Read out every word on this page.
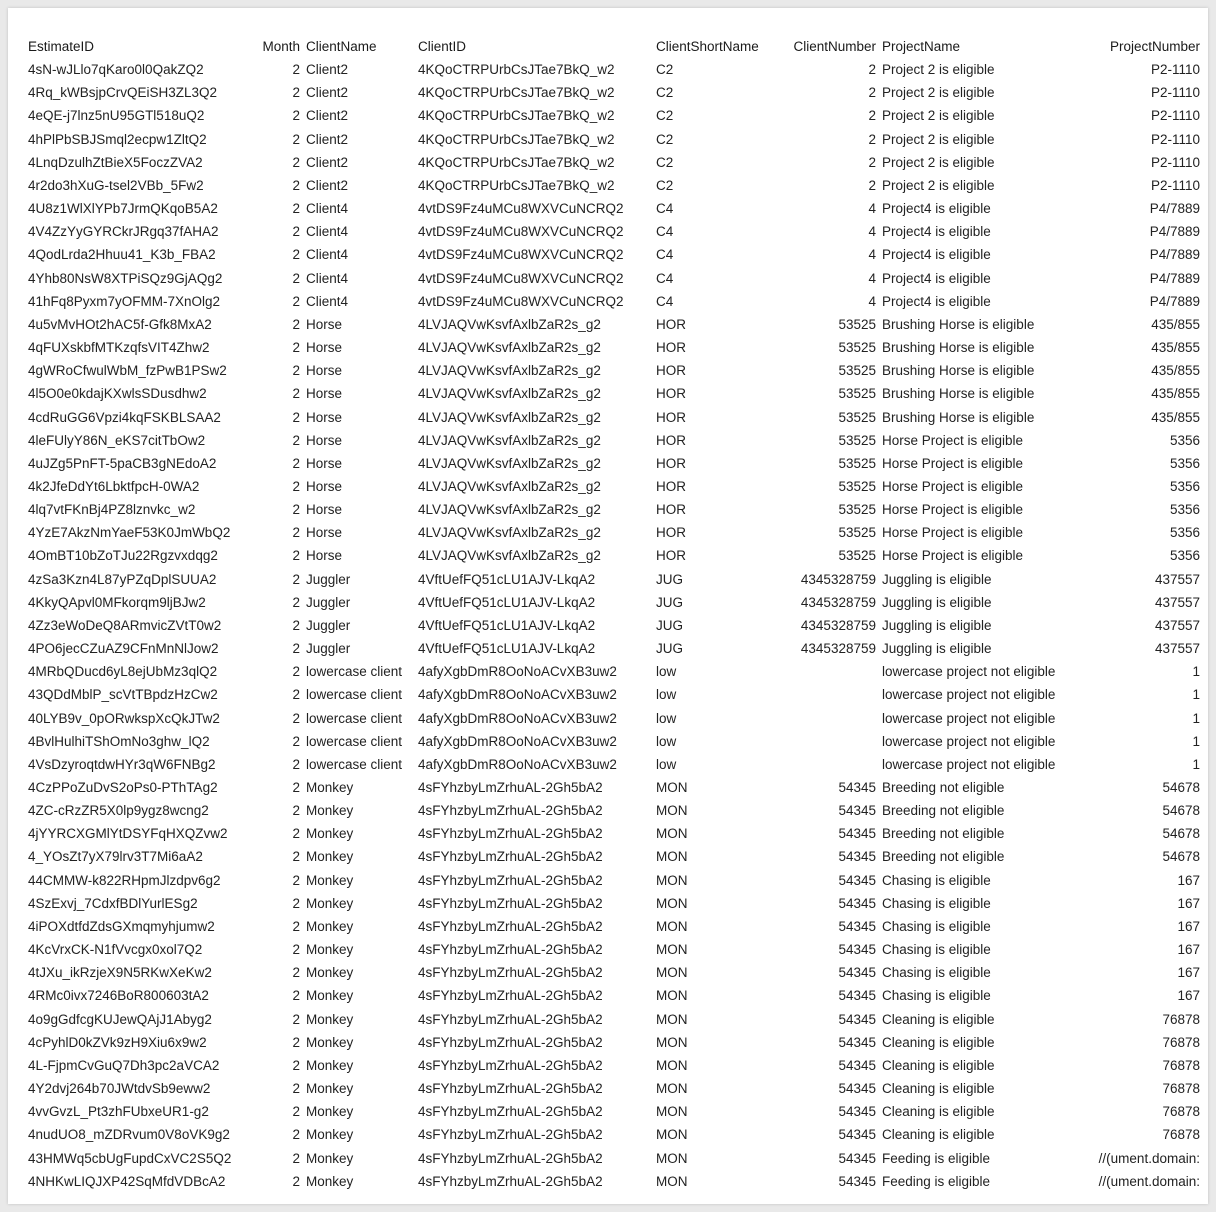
EstimateID	Month	ClientName	ClientID	ClientShortName	ClientNumber	ProjectName	ProjectNumber
4sN-wJLlo7qKaro0l0QakZQ2	2	Client2	4KQoCTRPUrbCsJTae7BkQ_w2	C2	2	Project 2 is eligible	P2-1110
4Rq_kWBsjpCrvQEiSH3ZL3Q2	2	Client2	4KQoCTRPUrbCsJTae7BkQ_w2	C2	2	Project 2 is eligible	P2-1110
4eQE-j7lnz5nU95GTl518uQ2	2	Client2	4KQoCTRPUrbCsJTae7BkQ_w2	C2	2	Project 2 is eligible	P2-1110
4hPlPbSBJSmql2ecpw1ZltQ2	2	Client2	4KQoCTRPUrbCsJTae7BkQ_w2	C2	2	Project 2 is eligible	P2-1110
4LnqDzulhZtBieX5FoczZVA2	2	Client2	4KQoCTRPUrbCsJTae7BkQ_w2	C2	2	Project 2 is eligible	P2-1110
4r2do3hXuG-tsel2VBb_5Fw2	2	Client2	4KQoCTRPUrbCsJTae7BkQ_w2	C2	2	Project 2 is eligible	P2-1110
4U8z1WlXlYPb7JrmQKqoB5A2	2	Client4	4vtDS9Fz4uMCu8WXVCuNCRQ2	C4	4	Project4 is eligible	P4/7889
4V4ZzYyGYRCkrJRgq37fAHA2	2	Client4	4vtDS9Fz4uMCu8WXVCuNCRQ2	C4	4	Project4 is eligible	P4/7889
4QodLrda2Hhuu41_K3b_FBA2	2	Client4	4vtDS9Fz4uMCu8WXVCuNCRQ2	C4	4	Project4 is eligible	P4/7889
4Yhb80NsW8XTPiSQz9GjAQg2	2	Client4	4vtDS9Fz4uMCu8WXVCuNCRQ2	C4	4	Project4 is eligible	P4/7889
41hFq8Pyxm7yOFMM-7XnOlg2	2	Client4	4vtDS9Fz4uMCu8WXVCuNCRQ2	C4	4	Project4 is eligible	P4/7889
4u5vMvHOt2hAC5f-Gfk8MxA2	2	Horse	4LVJAQVwKsvfAxlbZaR2s_g2	HOR	53525	Brushing Horse is eligible	435/855
4qFUXskbfMTKzqfsVIT4Zhw2	2	Horse	4LVJAQVwKsvfAxlbZaR2s_g2	HOR	53525	Brushing Horse is eligible	435/855
4gWRoCfwulWbM_fzPwB1PSw2	2	Horse	4LVJAQVwKsvfAxlbZaR2s_g2	HOR	53525	Brushing Horse is eligible	435/855
4l5O0e0kdajKXwlsSDusdhw2	2	Horse	4LVJAQVwKsvfAxlbZaR2s_g2	HOR	53525	Brushing Horse is eligible	435/855
4cdRuGG6Vpzi4kqFSKBLSAA2	2	Horse	4LVJAQVwKsvfAxlbZaR2s_g2	HOR	53525	Brushing Horse is eligible	435/855
4leFUlyY86N_eKS7citTbOw2	2	Horse	4LVJAQVwKsvfAxlbZaR2s_g2	HOR	53525	Horse Project is eligible	5356
4uJZg5PnFT-5paCB3gNEdoA2	2	Horse	4LVJAQVwKsvfAxlbZaR2s_g2	HOR	53525	Horse Project is eligible	5356
4k2JfeDdYt6LbktfpcH-0WA2	2	Horse	4LVJAQVwKsvfAxlbZaR2s_g2	HOR	53525	Horse Project is eligible	5356
4lq7vtFKnBj4PZ8lznvkc_w2	2	Horse	4LVJAQVwKsvfAxlbZaR2s_g2	HOR	53525	Horse Project is eligible	5356
4YzE7AkzNmYaeF53K0JmWbQ2	2	Horse	4LVJAQVwKsvfAxlbZaR2s_g2	HOR	53525	Horse Project is eligible	5356
4OmBT10bZoTJu22Rgzvxdqg2	2	Horse	4LVJAQVwKsvfAxlbZaR2s_g2	HOR	53525	Horse Project is eligible	5356
4zSa3Kzn4L87yPZqDplSUUA2	2	Juggler	4VftUefFQ51cLU1AJV-LkqA2	JUG	4345328759	Juggling is eligible	437557
4KkyQApvl0MFkorqm9ljBJw2	2	Juggler	4VftUefFQ51cLU1AJV-LkqA2	JUG	4345328759	Juggling is eligible	437557
4Zz3eWoDeQ8ARmvicZVtT0w2	2	Juggler	4VftUefFQ51cLU1AJV-LkqA2	JUG	4345328759	Juggling is eligible	437557
4PO6jecCZuAZ9CFnMnNlJow2	2	Juggler	4VftUefFQ51cLU1AJV-LkqA2	JUG	4345328759	Juggling is eligible	437557
4MRbQDucd6yL8ejUbMz3qlQ2	2	lowercase client	4afyXgbDmR8OoNoACvXB3uw2	low		lowercase project not eligible	1
43QDdMblP_scVtTBpdzHzCw2	2	lowercase client	4afyXgbDmR8OoNoACvXB3uw2	low		lowercase project not eligible	1
40LYB9v_0pORwkspXcQkJTw2	2	lowercase client	4afyXgbDmR8OoNoACvXB3uw2	low		lowercase project not eligible	1
4BvlHulhiTShOmNo3ghw_lQ2	2	lowercase client	4afyXgbDmR8OoNoACvXB3uw2	low		lowercase project not eligible	1
4VsDzyroqtdwHYr3qW6FNBg2	2	lowercase client	4afyXgbDmR8OoNoACvXB3uw2	low		lowercase project not eligible	1
4CzPPoZuDvS2oPs0-PThTAg2	2	Monkey	4sFYhzbyLmZrhuAL-2Gh5bA2	MON	54345	Breeding not eligible	54678
4ZC-cRzZR5X0lp9ygz8wcng2	2	Monkey	4sFYhzbyLmZrhuAL-2Gh5bA2	MON	54345	Breeding not eligible	54678
4jYYRCXGMlYtDSYFqHXQZvw2	2	Monkey	4sFYhzbyLmZrhuAL-2Gh5bA2	MON	54345	Breeding not eligible	54678
4_YOsZt7yX79lrv3T7Mi6aA2	2	Monkey	4sFYhzbyLmZrhuAL-2Gh5bA2	MON	54345	Breeding not eligible	54678
44CMMW-k822RHpmJlzdpv6g2	2	Monkey	4sFYhzbyLmZrhuAL-2Gh5bA2	MON	54345	Chasing is eligible	167
4SzExvj_7CdxfBDlYurlESg2	2	Monkey	4sFYhzbyLmZrhuAL-2Gh5bA2	MON	54345	Chasing is eligible	167
4iPOXdtfdZdsGXmqmyhjumw2	2	Monkey	4sFYhzbyLmZrhuAL-2Gh5bA2	MON	54345	Chasing is eligible	167
4KcVrxCK-N1fVvcgx0xol7Q2	2	Monkey	4sFYhzbyLmZrhuAL-2Gh5bA2	MON	54345	Chasing is eligible	167
4tJXu_ikRzjeX9N5RKwXeKw2	2	Monkey	4sFYhzbyLmZrhuAL-2Gh5bA2	MON	54345	Chasing is eligible	167
4RMc0ivx7246BoR800603tA2	2	Monkey	4sFYhzbyLmZrhuAL-2Gh5bA2	MON	54345	Chasing is eligible	167
4o9gGdfcgKUJewQAjJ1Abyg2	2	Monkey	4sFYhzbyLmZrhuAL-2Gh5bA2	MON	54345	Cleaning is eligible	76878
4cPyhlD0kZVk9zH9Xiu6x9w2	2	Monkey	4sFYhzbyLmZrhuAL-2Gh5bA2	MON	54345	Cleaning is eligible	76878
4L-FjpmCvGuQ7Dh3pc2aVCA2	2	Monkey	4sFYhzbyLmZrhuAL-2Gh5bA2	MON	54345	Cleaning is eligible	76878
4Y2dvj264b70JWtdvSb9eww2	2	Monkey	4sFYhzbyLmZrhuAL-2Gh5bA2	MON	54345	Cleaning is eligible	76878
4vvGvzL_Pt3zhFUbxeUR1-g2	2	Monkey	4sFYhzbyLmZrhuAL-2Gh5bA2	MON	54345	Cleaning is eligible	76878
4nudUO8_mZDRvum0V8oVK9g2	2	Monkey	4sFYhzbyLmZrhuAL-2Gh5bA2	MON	54345	Cleaning is eligible	76878
43HMWq5cbUgFupdCxVC2S5Q2	2	Monkey	4sFYhzbyLmZrhuAL-2Gh5bA2	MON	54345	Feeding is eligible	:ument.domain)//
4NHKwLIQJXP42SqMfdVDBcA2	2	Monkey	4sFYhzbyLmZrhuAL-2Gh5bA2	MON	54345	Feeding is eligible	:ument.domain)//
